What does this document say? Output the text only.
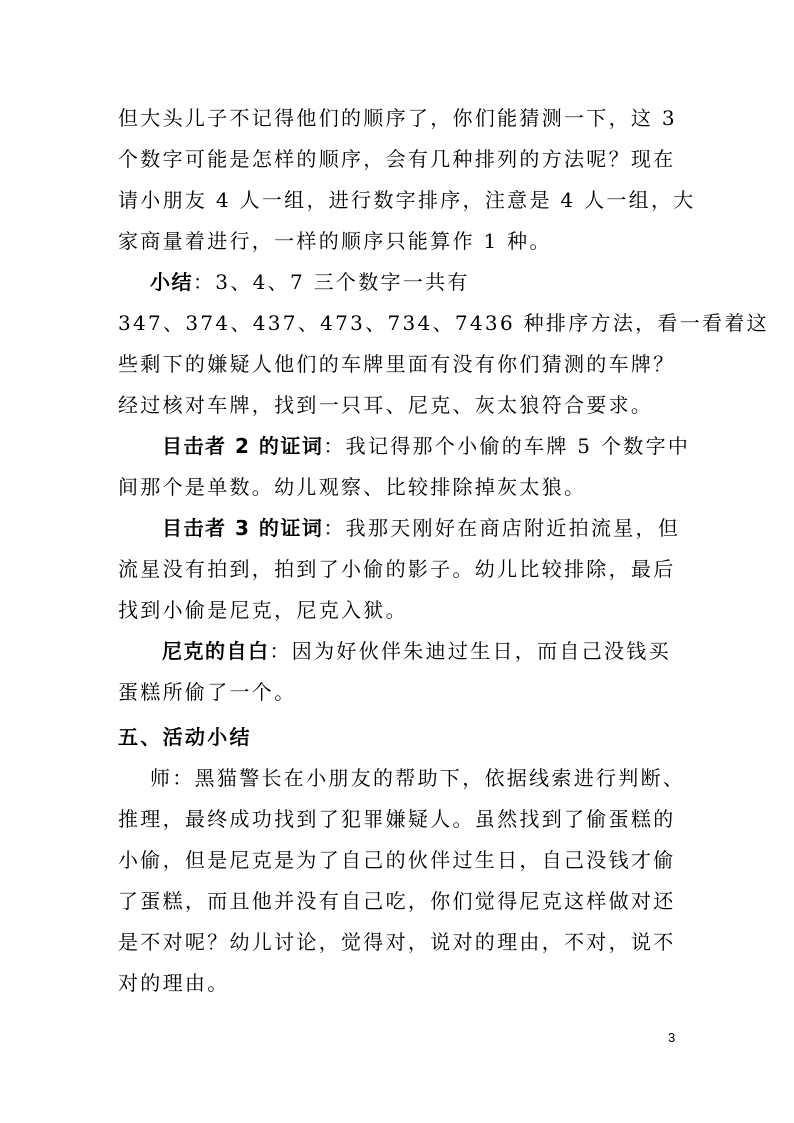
但大头儿子不记得他们的顺序了，你们能猜测一下，这 3
个数字可能是怎样的顺序，会有几种排列的方法呢？现在
请小朋友 4 人一组，进行数字排序，注意是 4 人一组，大
家商量着进行，一样的顺序只能算作 1 种。
小结：3、4、7 三个数字一共有
347、374、437、473、734、7436 种排序方法，看一看着这
些剩下的嫌疑人他们的车牌里面有没有你们猜测的车牌？
经过核对车牌，找到一只耳、尼克、灰太狼符合要求。
目击者 2 的证词：我记得那个小偷的车牌 5 个数字中
间那个是单数。幼儿观察、比较排除掉灰太狼。
目击者 3 的证词：我那天刚好在商店附近拍流星，但
流星没有拍到，拍到了小偷的影子。幼儿比较排除，最后
找到小偷是尼克，尼克入狱。
尼克的自白：因为好伙伴朱迪过生日，而自己没钱买
蛋糕所偷了一个。
五、活动小结
师：黑猫警长在小朋友的帮助下，依据线索进行判断、
推理，最终成功找到了犯罪嫌疑人。虽然找到了偷蛋糕的
小偷，但是尼克是为了自己的伙伴过生日，自己没钱才偷
了蛋糕，而且他并没有自己吃，你们觉得尼克这样做对还
是不对呢？幼儿讨论，觉得对，说对的理由，不对，说不
对的理由。
3
